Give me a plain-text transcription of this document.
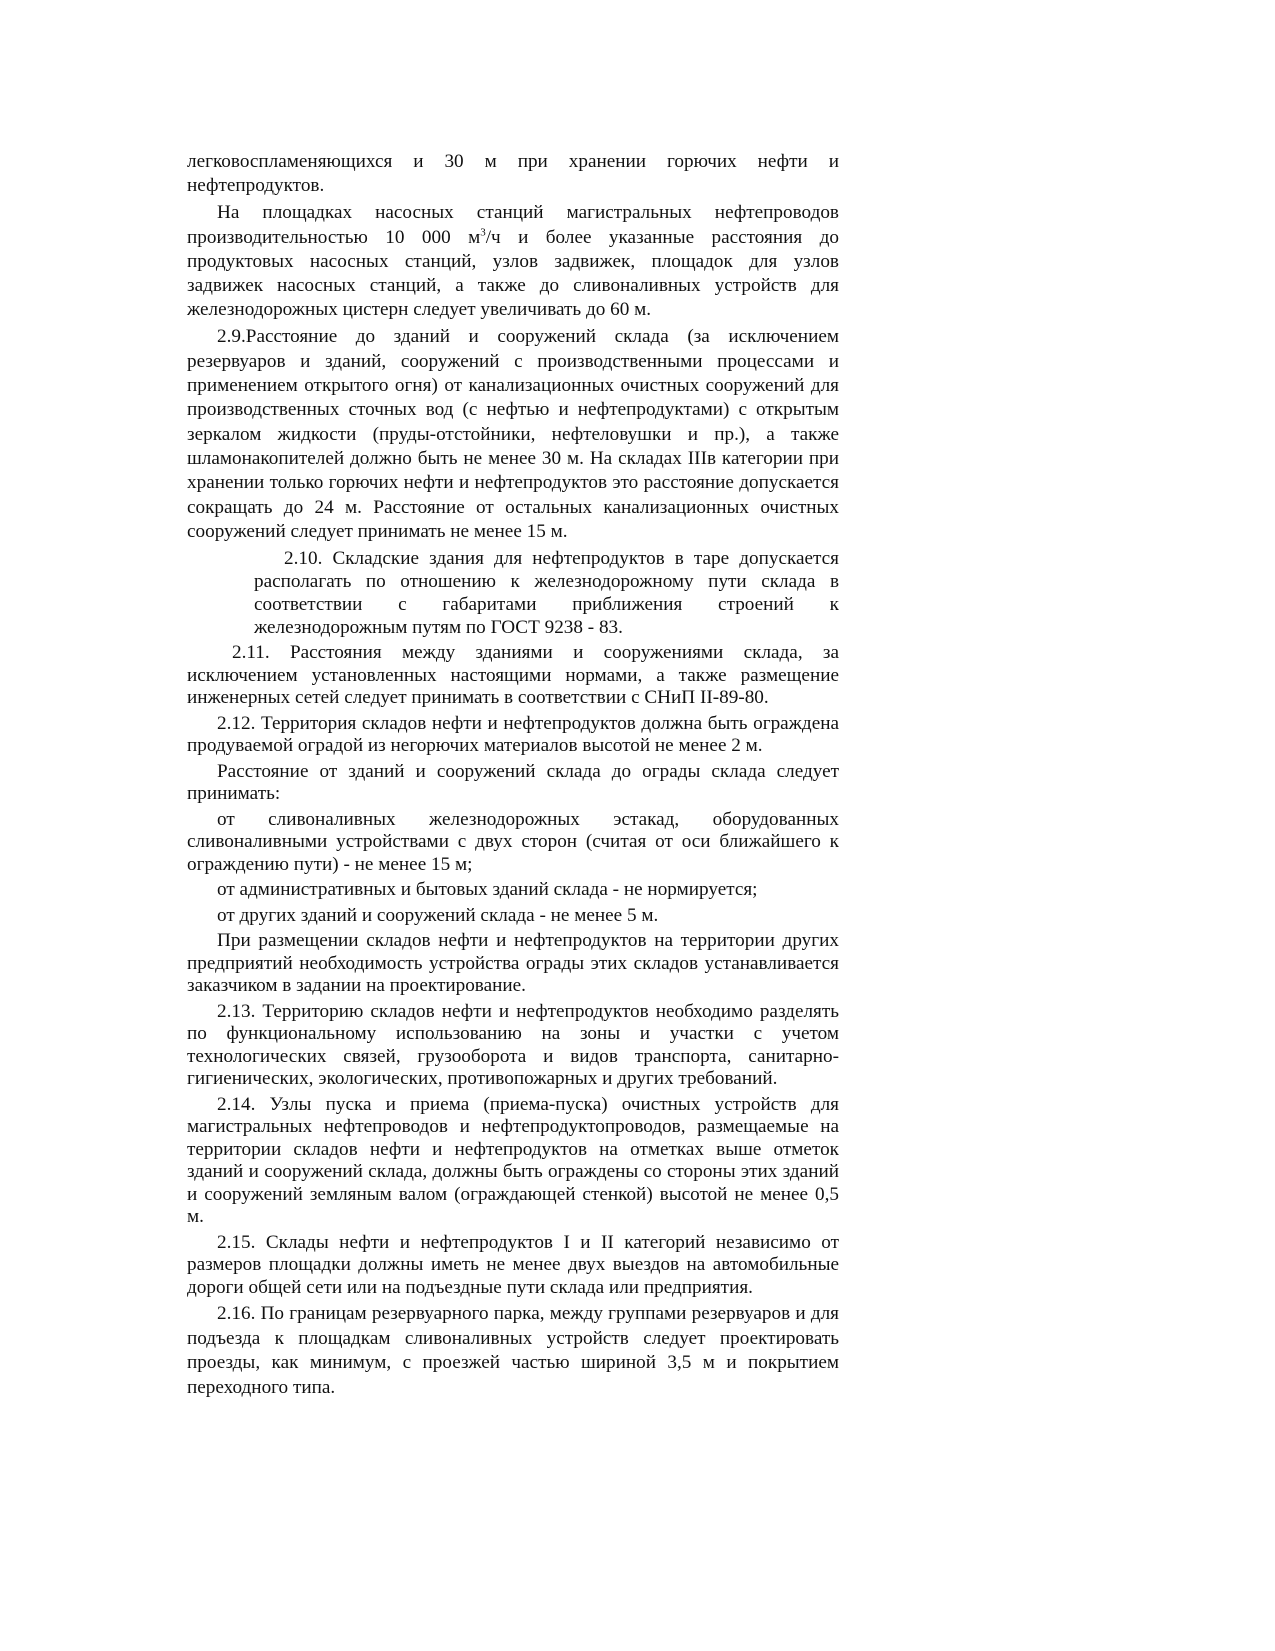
легковоспламеняющихся и 30 м при хранении горючих нефти и нефтепродуктов.

На площадках насосных станций магистральных нефтепроводов производительностью 10 000 $м^3/ч$ и более указанные расстояния до продуктовых насосных станций, узлов задвижек, площадок для узлов задвижек насосных станций, а также до сливоналивных устройств для железнодорожных цистерн следует увеличивать до 60 м.

2.9.Расстояние до зданий и сооружений склада (за исключением резервуаров и зданий, сооружений с производственными процессами и применением открытого огня) от канализационных очистных сооружений для производственных сточных вод (с нефтью и нефтепродуктами) с открытым зеркалом жидкости (пруды-отстойники, нефтеловушки и пр.), а также шламонакопителей должно быть не менее 30 м. На складах IIIв категории при хранении только горючих нефти и нефтепродуктов это расстояние допускается сокращать до 24 м. Расстояние от остальных канализационных очистных сооружений следует принимать не менее 15 м.

2.10. Складские здания для нефтепродуктов в таре допускается располагать по отношению к железнодорожному пути склада в соответствии с габаритами приближения строений к железнодорожным путям по ГОСТ 9238 - 83.

2.11. Расстояния между зданиями и сооружениями склада, за исключением установленных настоящими нормами, а также размещение инженерных сетей следует принимать в соответствии с СНиП II-89-80.

2.12. Территория складов нефти и нефтепродуктов должна быть ограждена продуваемой оградой из негорючих материалов высотой не менее 2 м.

Расстояние от зданий и сооружений склада до ограды склада следует принимать:

от сливоналивных железнодорожных эстакад, оборудованных сливоналивными устройствами с двух сторон (считая от оси ближайшего к ограждению пути) - не менее 15 м;

от административных и бытовых зданий склада - не нормируется;

от других зданий и сооружений склада - не менее 5 м.

При размещении складов нефти и нефтепродуктов на территории других предприятий необходимость устройства ограды этих складов устанавливается заказчиком в задании на проектирование.

2.13. Территорию складов нефти и нефтепродуктов необходимо разделять по функциональному использованию на зоны и участки с учетом технологических связей, грузооборота и видов транспорта, санитарно-гигиенических, экологических, противопожарных и других требований.

2.14. Узлы пуска и приема (приема-пуска) очистных устройств для магистральных нефтепроводов и нефтепродуктопроводов, размещаемые на территории складов нефти и нефтепродуктов на отметках выше отметок зданий и сооружений склада, должны быть ограждены со стороны этих зданий и сооружений земляным валом (ограждающей стенкой) высотой не менее 0,5 м.

2.15. Склады нефти и нефтепродуктов I и II категорий независимо от размеров площадки должны иметь не менее двух выездов на автомобильные дороги общей сети или на подъездные пути склада или предприятия.

2.16. По границам резервуарного парка, между группами резервуаров и для подъезда к площадкам сливоналивных устройств следует проектировать проезды, как минимум, с проезжей частью шириной 3,5 м и покрытием переходного типа.
